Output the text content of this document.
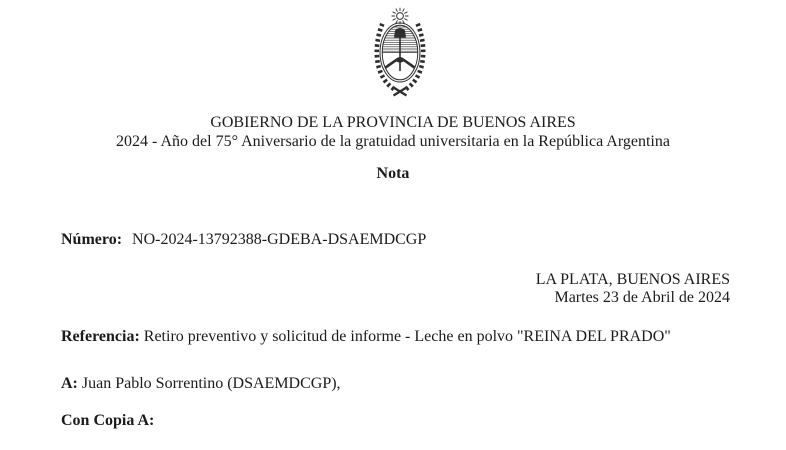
GOBIERNO DE LA PROVINCIA DE BUENOS AIRES
2024 - Año del 75° Aniversario de la gratuidad universitaria en la República Argentina
Nota
Número: NO-2024-13792388-GDEBA-DSAEMDCGP
LA PLATA, BUENOS AIRES
Martes 23 de Abril de 2024
Referencia: Retiro preventivo y solicitud de informe - Leche en polvo "REINA DEL PRADO"
A: Juan Pablo Sorrentino (DSAEMDCGP),
Con Copia A:
